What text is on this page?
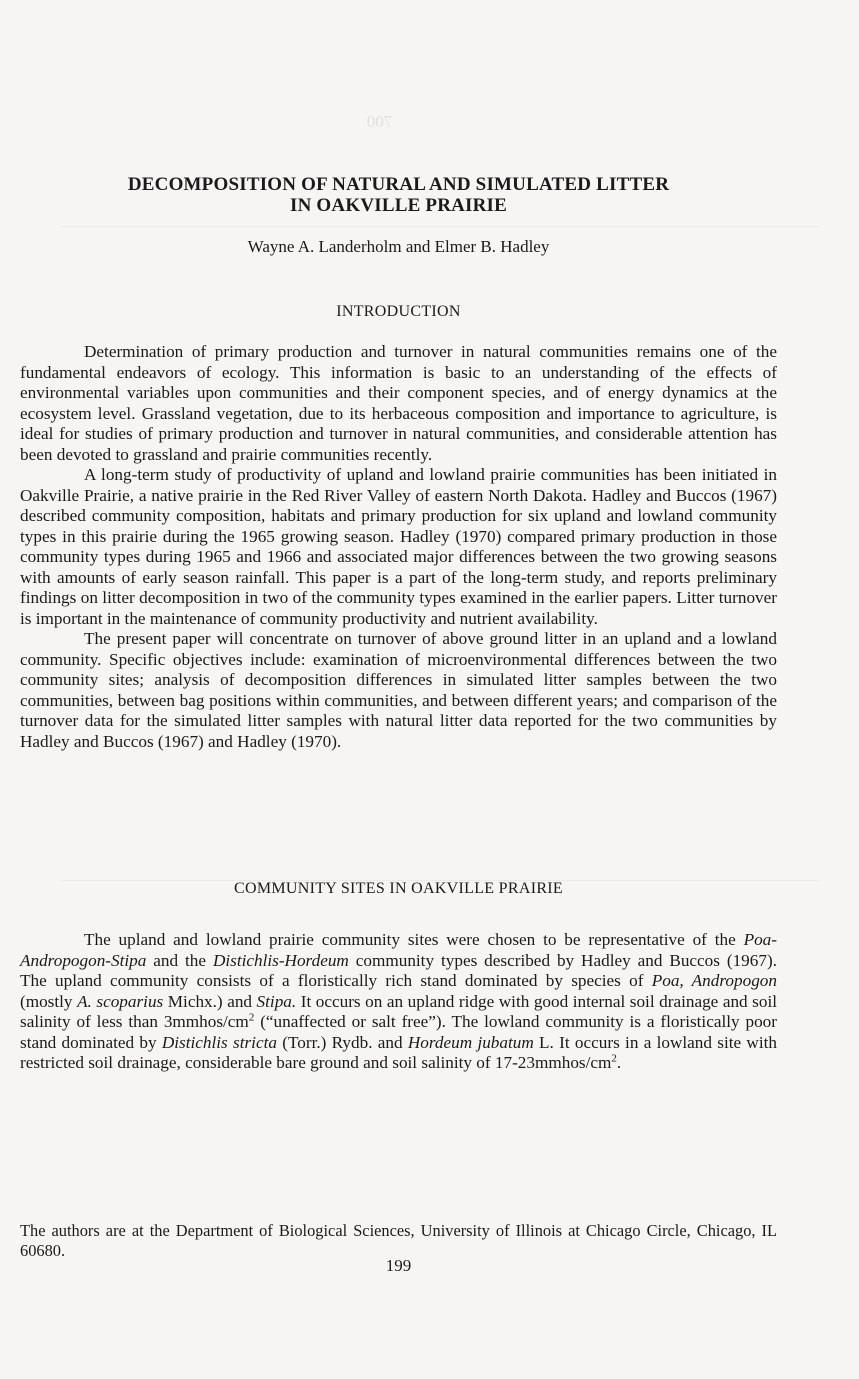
700
DECOMPOSITION OF NATURAL AND SIMULATED LITTER
IN OAKVILLE PRAIRIE
Wayne A. Landerholm and Elmer B. Hadley
INTRODUCTION

Determination of primary production and turnover in natural communities remains one of the fundamental endeavors of ecology. This information is basic to an understanding of the effects of environmental variables upon communities and their component species, and of energy dynamics at the ecosystem level. Grassland vegetation, due to its herbaceous composition and importance to agriculture, is ideal for studies of primary production and turnover in natural communities, and considerable attention has been devoted to grassland and prairie communities recently.

A long-term study of productivity of upland and lowland prairie communities has been initiated in Oakville Prairie, a native prairie in the Red River Valley of eastern North Dakota. Hadley and Buccos (1967) described community composition, habitats and primary production for six upland and lowland community types in this prairie during the 1965 growing season. Hadley (1970) compared primary production in those community types during 1965 and 1966 and associated major differences between the two growing seasons with amounts of early season rainfall. This paper is a part of the long-term study, and reports preliminary findings on litter decomposition in two of the community types examined in the earlier papers. Litter turnover is important in the maintenance of community productivity and nutrient availability.

The present paper will concentrate on turnover of above ground litter in an upland and a lowland community. Specific objectives include: examination of microenvironmental differences between the two community sites; analysis of decomposition differences in simulated litter samples between the two communities, between bag positions within communities, and between different years; and comparison of the turnover data for the simulated litter samples with natural litter data reported for the two communities by Hadley and Buccos (1967) and Hadley (1970).

COMMUNITY SITES IN OAKVILLE PRAIRIE

The upland and lowland prairie community sites were chosen to be representative of the Poa-Andropogon-Stipa and the Distichlis-Hordeum community types described by Hadley and Buccos (1967). The upland community consists of a floristically rich stand dominated by species of Poa, Andropogon (mostly A. scoparius Michx.) and Stipa. It occurs on an upland ridge with good internal soil drainage and soil salinity of less than $3mmhos/cm^2$ (“unaffected or salt free”). The lowland community is a floristically poor stand dominated by Distichlis stricta (Torr.) Rydb. and Hordeum jubatum L. It occurs in a lowland site with restricted soil drainage, considerable bare ground and soil salinity of $17-23mmhos/cm^2$.

The authors are at the Department of Biological Sciences, University of Illinois at Chicago Circle, Chicago, IL 60680.

199
